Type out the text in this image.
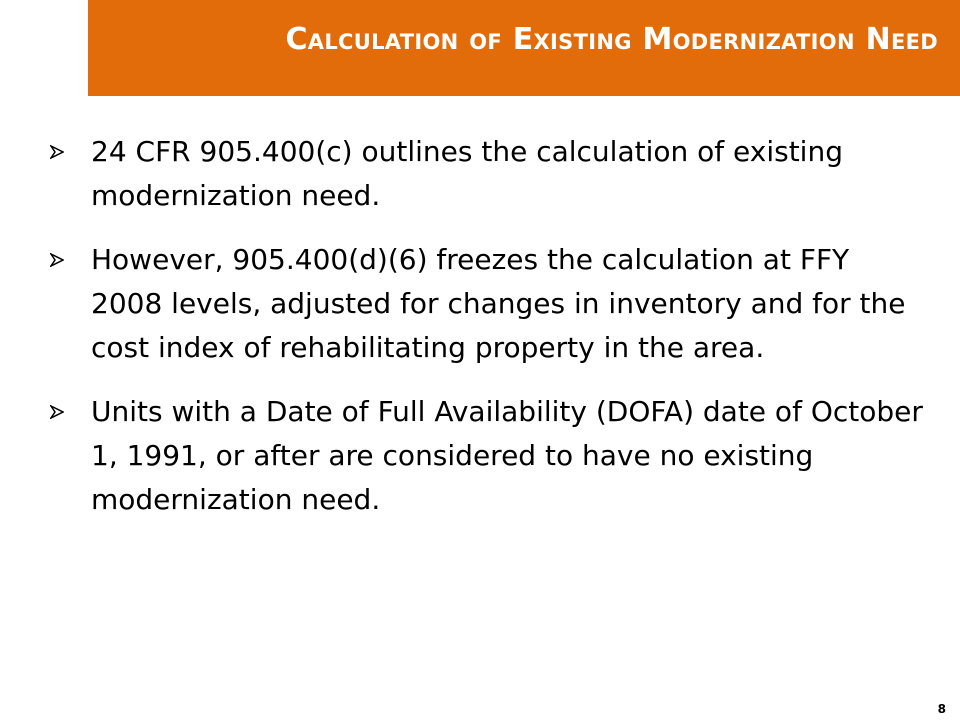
Calculation of Existing Modernization Need
24 CFR 905.400(c) outlines the calculation of existing modernization need.
However, 905.400(d)(6) freezes the calculation at FFY 2008 levels, adjusted for changes in inventory and for the cost index of rehabilitating property in the area.
Units with a Date of Full Availability (DOFA) date of October 1, 1991, or after are considered to have no existing modernization need.
8
